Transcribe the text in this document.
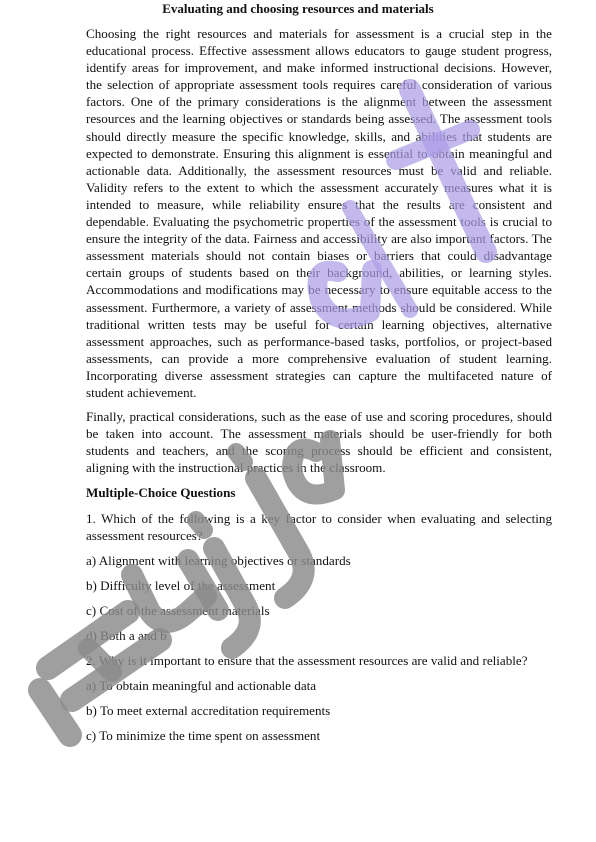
Evaluating and choosing resources and materials

Choosing the right resources and materials for assessment is a crucial step in the educational process. Effective assessment allows educators to gauge student progress, identify areas for improvement, and make informed instructional decisions. However, the selection of appropriate assessment tools requires careful consideration of various factors. One of the primary considerations is the alignment between the assessment resources and the learning objectives or standards being assessed. The assessment tools should directly measure the specific knowledge, skills, and abilities that students are expected to demonstrate. Ensuring this alignment is essential to obtain meaningful and actionable data. Additionally, the assessment resources must be valid and reliable. Validity refers to the extent to which the assessment accurately measures what it is intended to measure, while reliability ensures that the results are consistent and dependable. Evaluating the psychometric properties of the assessment tools is crucial to ensure the integrity of the data. Fairness and accessibility are also important factors. The assessment materials should not contain biases or barriers that could disadvantage certain groups of students based on their background, abilities, or learning styles. Accommodations and modifications may be necessary to ensure equitable access to the assessment. Furthermore, a variety of assessment methods should be considered. While traditional written tests may be useful for certain learning objectives, alternative assessment approaches, such as performance-based tasks, portfolios, or project-based assessments, can provide a more comprehensive evaluation of student learning. Incorporating diverse assessment strategies can capture the multifaceted nature of student achievement.

Finally, practical considerations, such as the ease of use and scoring procedures, should be taken into account. The assessment materials should be user-friendly for both students and teachers, and the scoring process should be efficient and consistent, aligning with the instructional practices in the classroom.

Multiple-Choice Questions

1. Which of the following is a key factor to consider when evaluating and selecting assessment resources?

a) Alignment with learning objectives or standards

b) Difficulty level of the assessment

c) Cost of the assessment materials

d) Both a and b

2. Why is it important to ensure that the assessment resources are valid and reliable?

a) To obtain meaningful and actionable data

b) To meet external accreditation requirements

c) To minimize the time spent on assessment
